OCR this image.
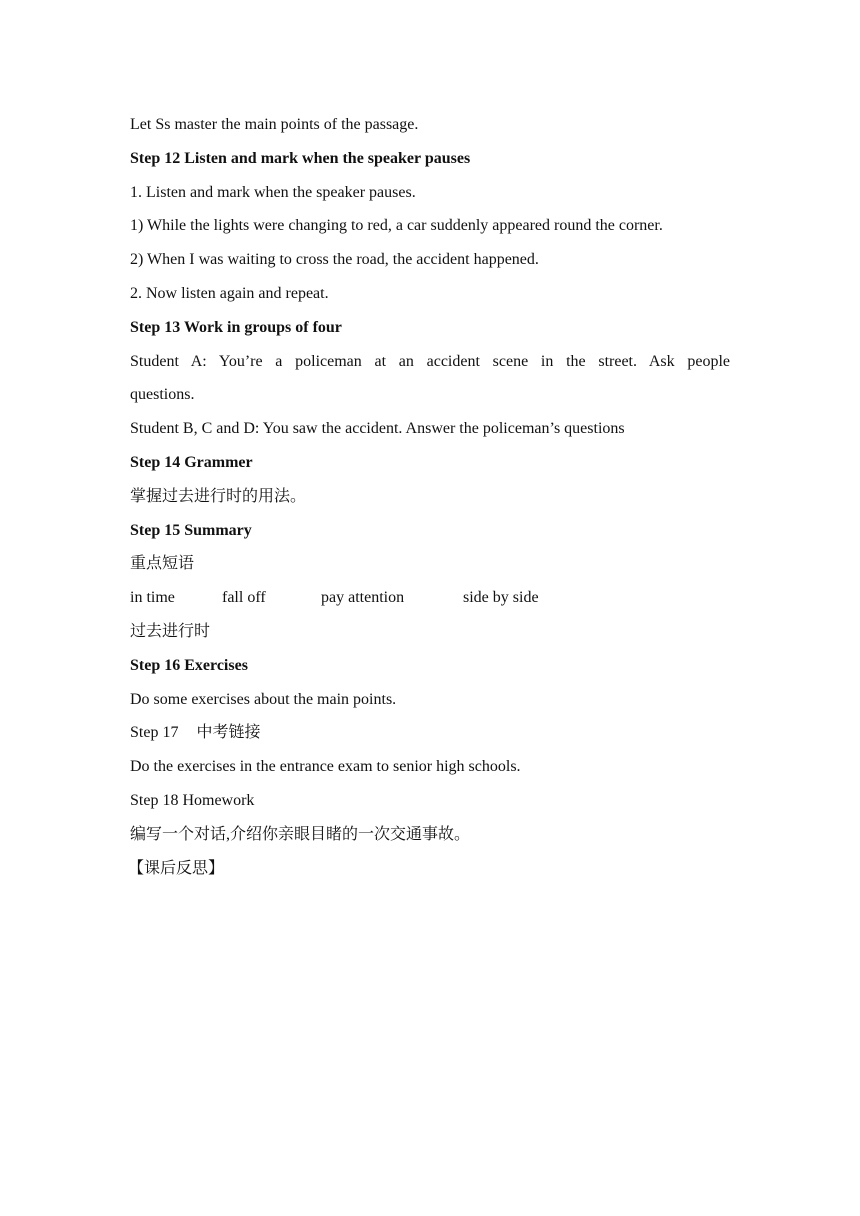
Let Ss master the main points of the passage.
Step 12 Listen and mark when the speaker pauses
1. Listen and mark when the speaker pauses.
1) While the lights were changing to red, a car suddenly appeared round the corner.
2) When I was waiting to cross the road, the accident happened.
2. Now listen again and repeat.
Step 13 Work in groups of four
Student A: You’re a policeman at an accident scene in the street. Ask people
questions.
Student B, C and D: You saw the accident. Answer the policeman’s questions
Step 14 Grammer
掌握过去进行时的用法。
Step 15 Summary
重点短语
in time	fall off	pay attention	side by side
过去进行时
Step 16 Exercises
Do some exercises about the main points.
Step 17 中考链接
Do the exercises in the entrance exam to senior high schools.
Step 18 Homework
编写一个对话,介绍你亲眼目睹的一次交通事故。
【课后反思】
